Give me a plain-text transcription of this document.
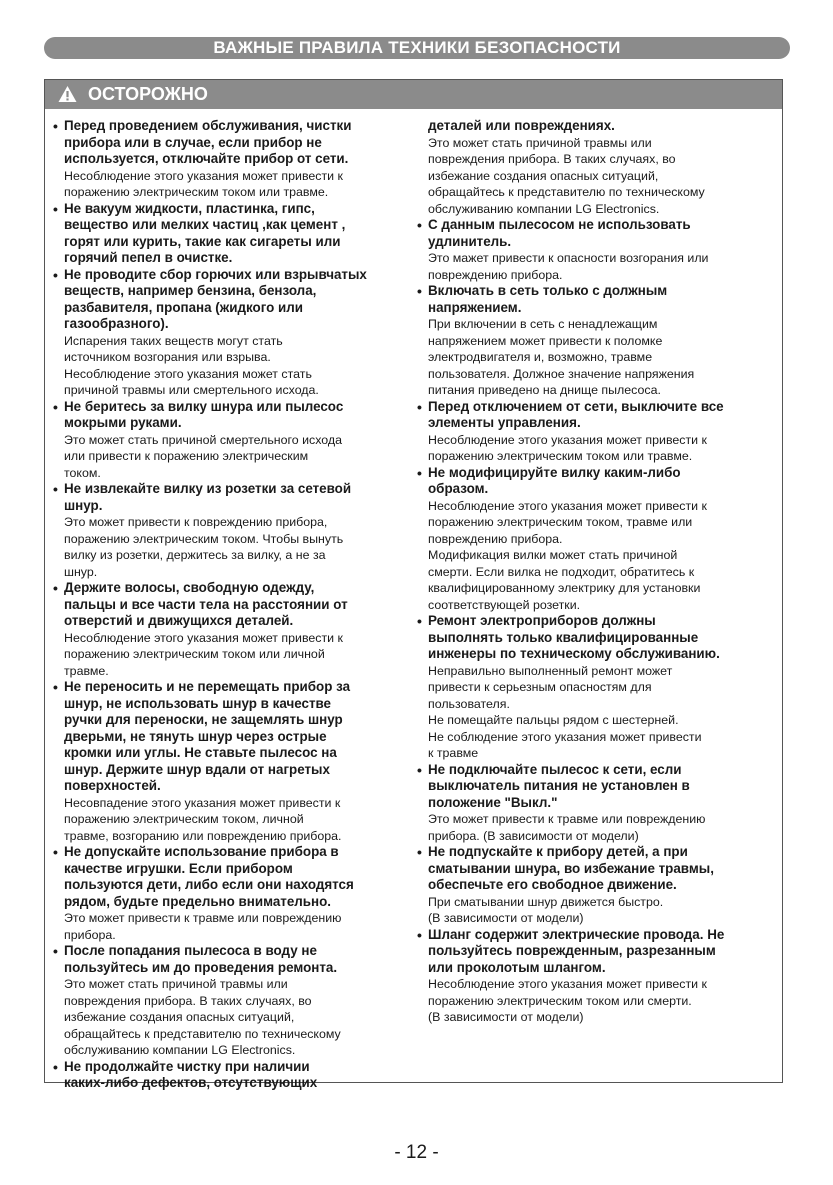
ВАЖНЫЕ ПРАВИЛА ТЕХНИКИ БЕЗОПАСНОСТИ
ОСТОРОЖНО
• Перед проведением обслуживания, чистки
прибора или в случае, если прибор не
используется, отключайте прибор от сети.
Несоблюдение этого указания может привести к
поражению электрическим током или травме.
• Не вакуум жидкости, пластинка, гипс,
вещество или мелких частиц ,как цемент ,
горят или курить, такие как сигареты или
горячий пепел в очистке.
• Не проводите сбор горючих или взрывчатых
веществ, например бензина, бензола,
разбавителя, пропана (жидкого или
газообразного).
Испарения таких веществ могут стать
источником возгорания или взрыва.
Несоблюдение этого указания может стать
причиной травмы или смертельного исхода.
• Не беритесь за вилку шнура или пылесос
мокрыми руками.
Это может стать причиной смертельного исхода
или привести к поражению электрическим
током.
• Не извлекайте вилку из розетки за сетевой
шнур.
Это может привести к повреждению прибора,
поражению электрическим током. Чтобы вынуть
вилку из розетки, держитесь за вилку, а не за
шнур.
• Держите волосы, свободную одежду,
пальцы и все части тела на расстоянии от
отверстий и движущихся деталей.
Несоблюдение этого указания может привести к
поражению электрическим током или личной
травме.
• Не переносить и не перемещать прибор за
шнур, не использовать шнур в качестве
ручки для переноски, не защемлять шнур
дверьми, не тянуть шнур через острые
кромки или углы. Не ставьте пылесос на
шнур. Держите шнур вдали от нагретых
поверхностей.
Несовпадение этого указания может привести к
поражению электрическим током, личной
травме, возгоранию или повреждению прибора.
• Не допускайте использование прибора в
качестве игрушки. Если прибором
пользуются дети, либо если они находятся
рядом, будьте предельно внимательно.
Это может привести к травме или повреждению
прибора.
• После попадания пылесоса в воду не
пользуйтесь им до проведения ремонта.
Это может стать причиной травмы или
повреждения прибора. В таких случаях, во
избежание создания опасных ситуаций,
обращайтесь к представителю по техническому
обслуживанию компании LG Electronics.
• Не продолжайте чистку при наличии
каких-либо дефектов, отсутствующих
деталей или повреждениях.
Это может стать причиной травмы или
повреждения прибора. В таких случаях, во
избежание создания опасных ситуаций,
обращайтесь к представителю по техническому
обслуживанию компании LG Electronics.
• С данным пылесосом не использовать
удлинитель.
Это мажет привести к опасности возгорания или
повреждению прибора.
• Включать в сеть только с должным
напряжением.
При включении в сеть с ненадлежащим
напряжением может привести к поломке
электродвигателя и, возможно, травме
пользователя. Должное значение напряжения
питания приведено на днище пылесоса.
• Перед отключением от сети, выключите все
элементы управления.
Несоблюдение этого указания может привести к
поражению электрическим током или травме.
• Не модифицируйте вилку каким-либо
образом.
Несоблюдение этого указания может привести к
поражению электрическим током, травме или
повреждению прибора.
Модификация вилки может стать причиной
смерти. Если вилка не подходит, обратитесь к
квалифицированному электрику для установки
соответствующей розетки.
• Ремонт электроприборов должны
выполнять только квалифицированные
инженеры по техническому обслуживанию.
Неправильно выполненный ремонт может
привести к серьезным опасностям для
пользователя.
Не помещайте пальцы рядом с шестерней.
Не соблюдение этого указания может привести
к травме
• Не подключайте пылесос к сети, если
выключатель питания не установлен в
положение "Выкл."
Это может привести к травме или повреждению
прибора. (В зависимости от модели)
• Не подпускайте к прибору детей, а при
сматывании шнура, во избежание травмы,
обеспечьте его свободное движение.
При сматывании шнур движется быстро.
(В зависимости от модели)
• Шланг содержит электрические провода. Не
пользуйтесь поврежденным, разрезанным
или проколотым шлангом.
Несоблюдение этого указания может привести к
поражению электрическим током или смерти.
(В зависимости от модели)
- 12 -
